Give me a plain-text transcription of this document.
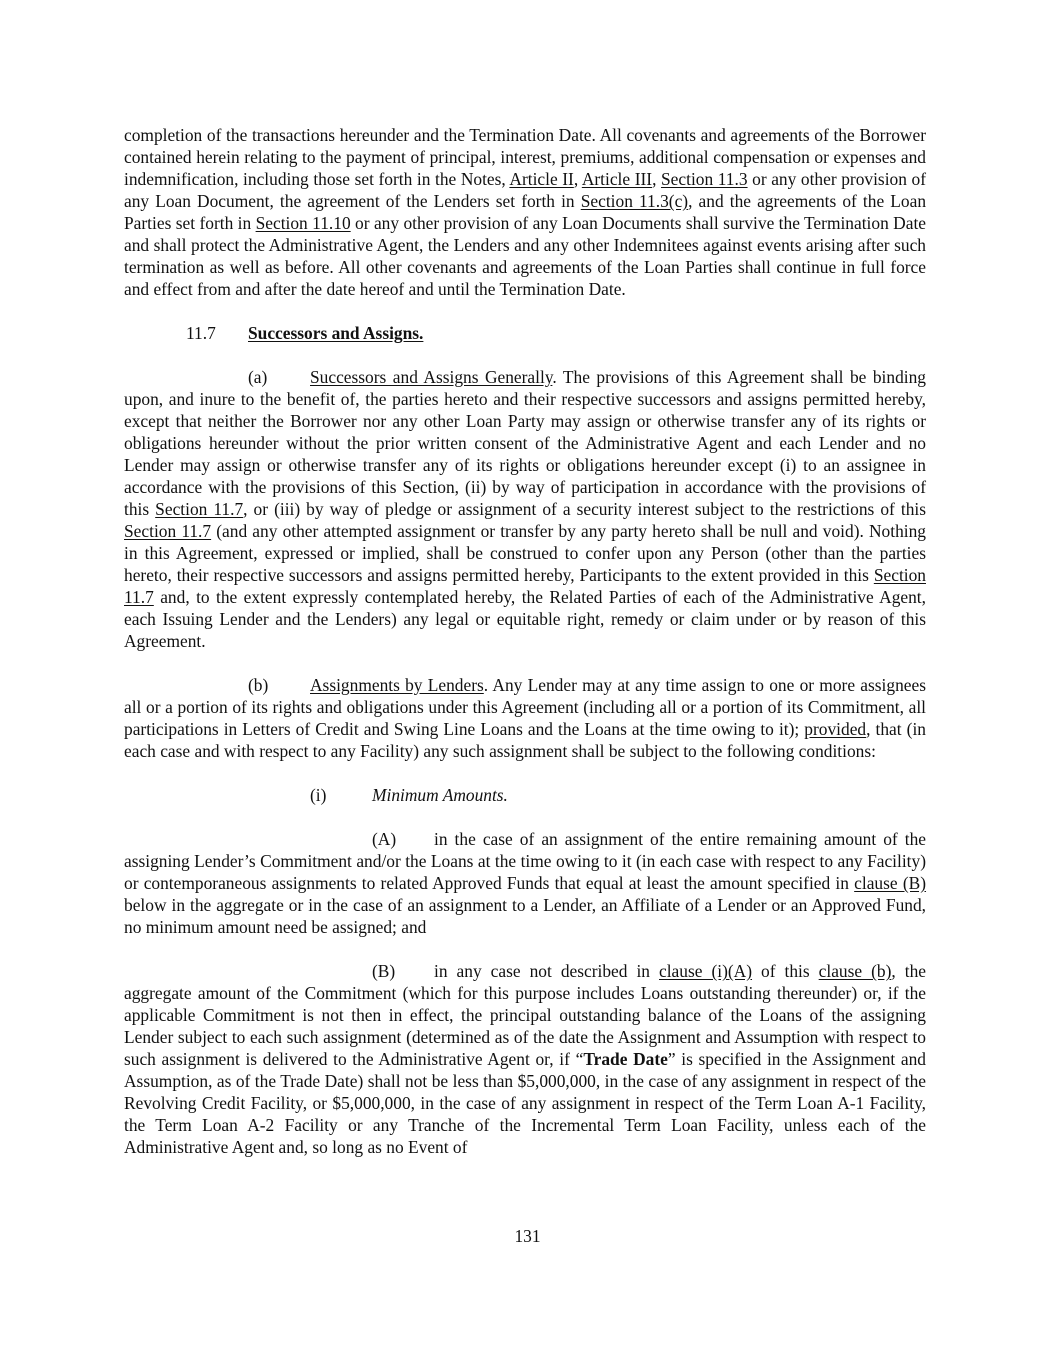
completion of the transactions hereunder and the Termination Date. All covenants and agreements of the Borrower contained herein relating to the payment of principal, interest, premiums, additional compensation or expenses and indemnification, including those set forth in the Notes, Article II, Article III, Section 11.3 or any other provision of any Loan Document, the agreement of the Lenders set forth in Section 11.3(c), and the agreements of the Loan Parties set forth in Section 11.10 or any other provision of any Loan Documents shall survive the Termination Date and shall protect the Administrative Agent, the Lenders and any other Indemnitees against events arising after such termination as well as before. All other covenants and agreements of the Loan Parties shall continue in full force and effect from and after the date hereof and until the Termination Date.

11.7 Successors and Assigns.

(a) Successors and Assigns Generally. The provisions of this Agreement shall be binding upon, and inure to the benefit of, the parties hereto and their respective successors and assigns permitted hereby, except that neither the Borrower nor any other Loan Party may assign or otherwise transfer any of its rights or obligations hereunder without the prior written consent of the Administrative Agent and each Lender and no Lender may assign or otherwise transfer any of its rights or obligations hereunder except (i) to an assignee in accordance with the provisions of this Section, (ii) by way of participation in accordance with the provisions of this Section 11.7, or (iii) by way of pledge or assignment of a security interest subject to the restrictions of this Section 11.7 (and any other attempted assignment or transfer by any party hereto shall be null and void). Nothing in this Agreement, expressed or implied, shall be construed to confer upon any Person (other than the parties hereto, their respective successors and assigns permitted hereby, Participants to the extent provided in this Section 11.7 and, to the extent expressly contemplated hereby, the Related Parties of each of the Administrative Agent, each Issuing Lender and the Lenders) any legal or equitable right, remedy or claim under or by reason of this Agreement.

(b) Assignments by Lenders. Any Lender may at any time assign to one or more assignees all or a portion of its rights and obligations under this Agreement (including all or a portion of its Commitment, all participations in Letters of Credit and Swing Line Loans and the Loans at the time owing to it); provided, that (in each case and with respect to any Facility) any such assignment shall be subject to the following conditions:

(i)	Minimum Amounts.

(A) in the case of an assignment of the entire remaining amount of the assigning Lender’s Commitment and/or the Loans at the time owing to it (in each case with respect to any Facility) or contemporaneous assignments to related Approved Funds that equal at least the amount specified in clause (B) below in the aggregate or in the case of an assignment to a Lender, an Affiliate of a Lender or an Approved Fund, no minimum amount need be assigned; and

(B) in any case not described in clause (i)(A) of this clause (b), the aggregate amount of the Commitment (which for this purpose includes Loans outstanding thereunder) or, if the applicable Commitment is not then in effect, the principal outstanding balance of the Loans of the assigning Lender subject to each such assignment (determined as of the date the Assignment and Assumption with respect to such assignment is delivered to the Administrative Agent or, if “Trade Date” is specified in the Assignment and Assumption, as of the Trade Date) shall not be less than $5,000,000, in the case of any assignment in respect of the Revolving Credit Facility, or $5,000,000, in the case of any assignment in respect of the Term Loan A-1 Facility, the Term Loan A-2 Facility or any Tranche of the Incremental Term Loan Facility, unless each of the Administrative Agent and, so long as no Event of

131
